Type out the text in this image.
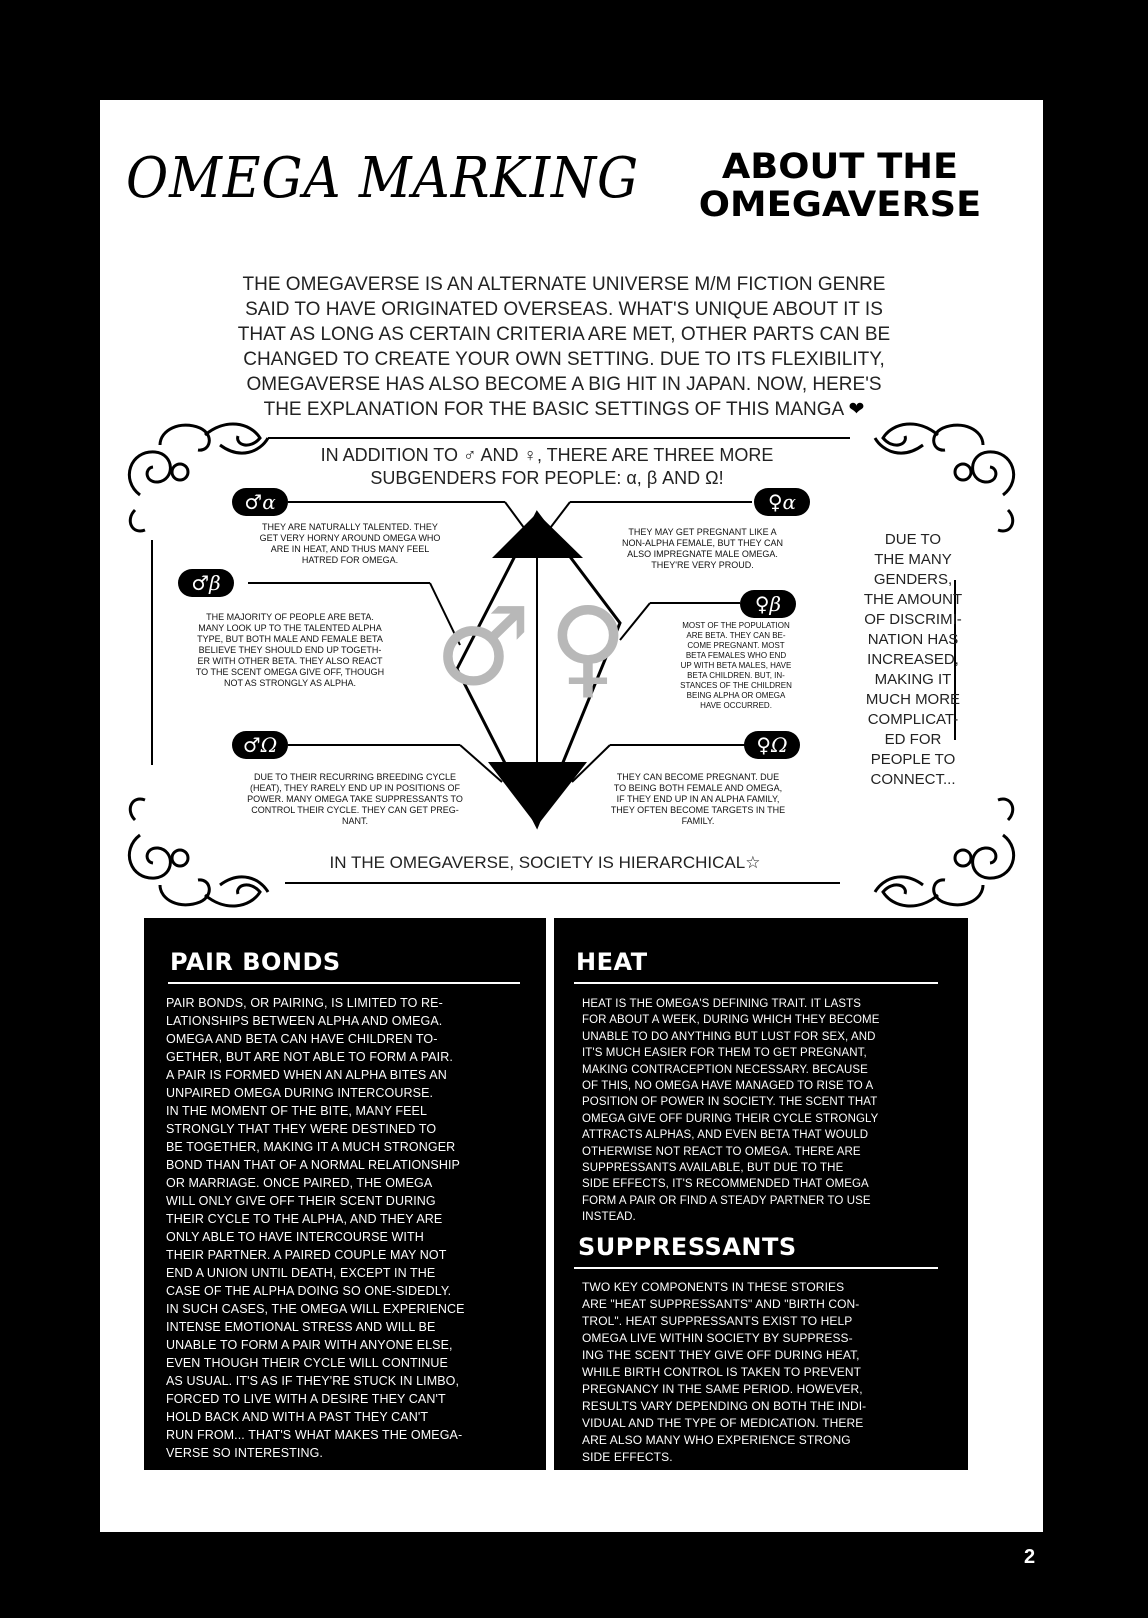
OMEGA MARKING	ABOUT THE
OMEGAVERSE
THE OMEGAVERSE IS AN ALTERNATE UNIVERSE M/M FICTION GENRE
SAID TO HAVE ORIGINATED OVERSEAS. WHAT'S UNIQUE ABOUT IT IS
THAT AS LONG AS CERTAIN CRITERIA ARE MET, OTHER PARTS CAN BE
CHANGED TO CREATE YOUR OWN SETTING. DUE TO ITS FLEXIBILITY,
OMEGAVERSE HAS ALSO BECOME A BIG HIT IN JAPAN. NOW, HERE'S
THE EXPLANATION FOR THE BASIC SETTINGS OF THIS MANGA ❤
♂ ♀
IN ADDITION TO ♂ AND ♀, THERE ARE THREE MORE
SUBGENDERS FOR PEOPLE: α, β AND Ω!
IN THE OMEGAVERSE, SOCIETY IS HIERARCHICAL☆
DUE TO
THE MANY
GENDERS,
THE AMOUNT
OF DISCRIMI-
NATION HAS
INCREASED,
MAKING IT
MUCH MORE
COMPLICAT-
ED FOR
PEOPLE TO
CONNECT...
♂α	♀α
♂β
♀β
♂Ω	♀Ω
THEY ARE NATURALLY TALENTED. THEY
GET VERY HORNY AROUND OMEGA WHO
ARE IN HEAT, AND THUS MANY FEEL
HATRED FOR OMEGA.
THEY MAY GET PREGNANT LIKE A
NON-ALPHA FEMALE, BUT THEY CAN
ALSO IMPREGNATE MALE OMEGA.
THEY'RE VERY PROUD.
THE MAJORITY OF PEOPLE ARE BETA.
MANY LOOK UP TO THE TALENTED ALPHA
TYPE, BUT BOTH MALE AND FEMALE BETA
BELIEVE THEY SHOULD END UP TOGETH-
ER WITH OTHER BETA. THEY ALSO REACT
TO THE SCENT OMEGA GIVE OFF, THOUGH
NOT AS STRONGLY AS ALPHA.
MOST OF THE POPULATION
ARE BETA. THEY CAN BE-
COME PREGNANT. MOST
BETA FEMALES WHO END
UP WITH BETA MALES, HAVE
BETA CHILDREN. BUT, IN-
STANCES OF THE CHILDREN
BEING ALPHA OR OMEGA
HAVE OCCURRED.
DUE TO THEIR RECURRING BREEDING CYCLE
(HEAT), THEY RARELY END UP IN POSITIONS OF
POWER. MANY OMEGA TAKE SUPPRESSANTS TO
CONTROL THEIR CYCLE. THEY CAN GET PREG-
NANT.
THEY CAN BECOME PREGNANT. DUE
TO BEING BOTH FEMALE AND OMEGA,
IF THEY END UP IN AN ALPHA FAMILY,
THEY OFTEN BECOME TARGETS IN THE
FAMILY.
PAIR BONDS
PAIR BONDS, OR PAIRING, IS LIMITED TO RE-
LATIONSHIPS BETWEEN ALPHA AND OMEGA.
OMEGA AND BETA CAN HAVE CHILDREN TO-
GETHER, BUT ARE NOT ABLE TO FORM A PAIR.
A PAIR IS FORMED WHEN AN ALPHA BITES AN
UNPAIRED OMEGA DURING INTERCOURSE.
IN THE MOMENT OF THE BITE, MANY FEEL
STRONGLY THAT THEY WERE DESTINED TO
BE TOGETHER, MAKING IT A MUCH STRONGER
BOND THAN THAT OF A NORMAL RELATIONSHIP
OR MARRIAGE. ONCE PAIRED, THE OMEGA
WILL ONLY GIVE OFF THEIR SCENT DURING
THEIR CYCLE TO THE ALPHA, AND THEY ARE
ONLY ABLE TO HAVE INTERCOURSE WITH
THEIR PARTNER. A PAIRED COUPLE MAY NOT
END A UNION UNTIL DEATH, EXCEPT IN THE
CASE OF THE ALPHA DOING SO ONE-SIDEDLY.
IN SUCH CASES, THE OMEGA WILL EXPERIENCE
INTENSE EMOTIONAL STRESS AND WILL BE
UNABLE TO FORM A PAIR WITH ANYONE ELSE,
EVEN THOUGH THEIR CYCLE WILL CONTINUE
AS USUAL. IT'S AS IF THEY'RE STUCK IN LIMBO,
FORCED TO LIVE WITH A DESIRE THEY CAN'T
HOLD BACK AND WITH A PAST THEY CAN'T
RUN FROM... THAT'S WHAT MAKES THE OMEGA-
VERSE SO INTERESTING.
HEAT
HEAT IS THE OMEGA'S DEFINING TRAIT. IT LASTS
FOR ABOUT A WEEK, DURING WHICH THEY BECOME
UNABLE TO DO ANYTHING BUT LUST FOR SEX, AND
IT'S MUCH EASIER FOR THEM TO GET PREGNANT,
MAKING CONTRACEPTION NECESSARY. BECAUSE
OF THIS, NO OMEGA HAVE MANAGED TO RISE TO A
POSITION OF POWER IN SOCIETY. THE SCENT THAT
OMEGA GIVE OFF DURING THEIR CYCLE STRONGLY
ATTRACTS ALPHAS, AND EVEN BETA THAT WOULD
OTHERWISE NOT REACT TO OMEGA. THERE ARE
SUPPRESSANTS AVAILABLE, BUT DUE TO THE
SIDE EFFECTS, IT'S RECOMMENDED THAT OMEGA
FORM A PAIR OR FIND A STEADY PARTNER TO USE
INSTEAD.
SUPPRESSANTS
TWO KEY COMPONENTS IN THESE STORIES
ARE "HEAT SUPPRESSANTS" AND "BIRTH CON-
TROL". HEAT SUPPRESSANTS EXIST TO HELP
OMEGA LIVE WITHIN SOCIETY BY SUPPRESS-
ING THE SCENT THEY GIVE OFF DURING HEAT,
WHILE BIRTH CONTROL IS TAKEN TO PREVENT
PREGNANCY IN THE SAME PERIOD. HOWEVER,
RESULTS VARY DEPENDING ON BOTH THE INDI-
VIDUAL AND THE TYPE OF MEDICATION. THERE
ARE ALSO MANY WHO EXPERIENCE STRONG
SIDE EFFECTS.
2
